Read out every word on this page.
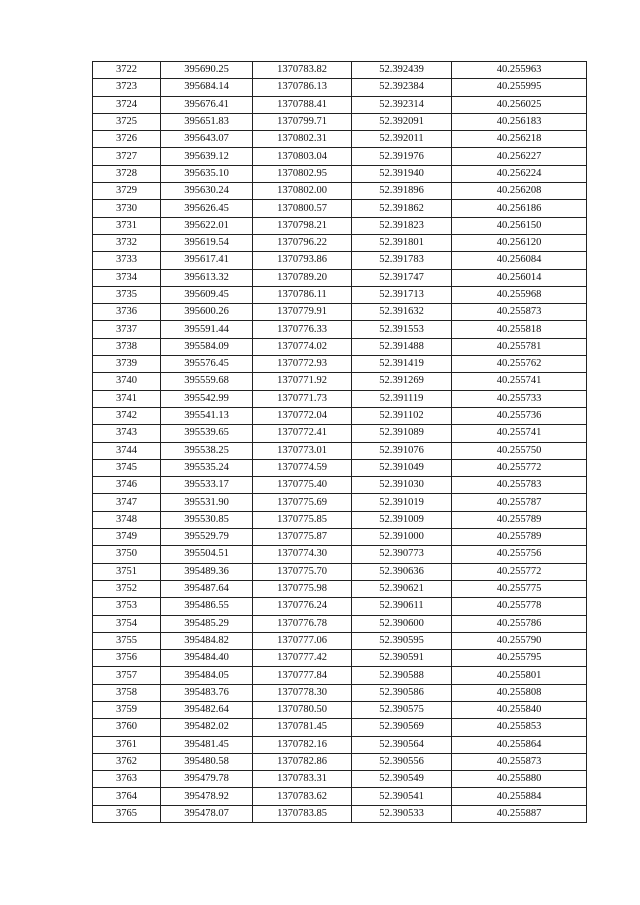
3722	395690.25	1370783.82	52.392439	40.255963
3723	395684.14	1370786.13	52.392384	40.255995
3724	395676.41	1370788.41	52.392314	40.256025
3725	395651.83	1370799.71	52.392091	40.256183
3726	395643.07	1370802.31	52.392011	40.256218
3727	395639.12	1370803.04	52.391976	40.256227
3728	395635.10	1370802.95	52.391940	40.256224
3729	395630.24	1370802.00	52.391896	40.256208
3730	395626.45	1370800.57	52.391862	40.256186
3731	395622.01	1370798.21	52.391823	40.256150
3732	395619.54	1370796.22	52.391801	40.256120
3733	395617.41	1370793.86	52.391783	40.256084
3734	395613.32	1370789.20	52.391747	40.256014
3735	395609.45	1370786.11	52.391713	40.255968
3736	395600.26	1370779.91	52.391632	40.255873
3737	395591.44	1370776.33	52.391553	40.255818
3738	395584.09	1370774.02	52.391488	40.255781
3739	395576.45	1370772.93	52.391419	40.255762
3740	395559.68	1370771.92	52.391269	40.255741
3741	395542.99	1370771.73	52.391119	40.255733
3742	395541.13	1370772.04	52.391102	40.255736
3743	395539.65	1370772.41	52.391089	40.255741
3744	395538.25	1370773.01	52.391076	40.255750
3745	395535.24	1370774.59	52.391049	40.255772
3746	395533.17	1370775.40	52.391030	40.255783
3747	395531.90	1370775.69	52.391019	40.255787
3748	395530.85	1370775.85	52.391009	40.255789
3749	395529.79	1370775.87	52.391000	40.255789
3750	395504.51	1370774.30	52.390773	40.255756
3751	395489.36	1370775.70	52.390636	40.255772
3752	395487.64	1370775.98	52.390621	40.255775
3753	395486.55	1370776.24	52.390611	40.255778
3754	395485.29	1370776.78	52.390600	40.255786
3755	395484.82	1370777.06	52.390595	40.255790
3756	395484.40	1370777.42	52.390591	40.255795
3757	395484.05	1370777.84	52.390588	40.255801
3758	395483.76	1370778.30	52.390586	40.255808
3759	395482.64	1370780.50	52.390575	40.255840
3760	395482.02	1370781.45	52.390569	40.255853
3761	395481.45	1370782.16	52.390564	40.255864
3762	395480.58	1370782.86	52.390556	40.255873
3763	395479.78	1370783.31	52.390549	40.255880
3764	395478.92	1370783.62	52.390541	40.255884
3765	395478.07	1370783.85	52.390533	40.255887
